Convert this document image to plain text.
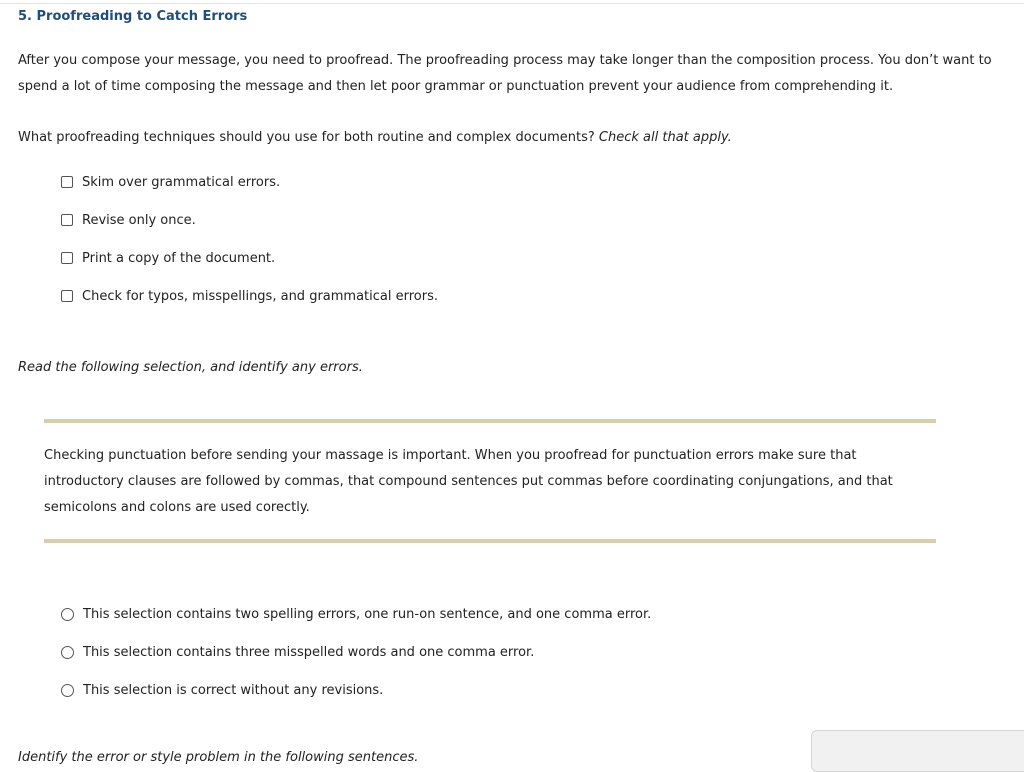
5. Proofreading to Catch Errors
After you compose your message, you need to proofread. The proofreading process may take longer than the composition process. You don’t want to spend a lot of time composing the message and then let poor grammar or punctuation prevent your audience from comprehending it.
What proofreading techniques should you use for both routine and complex documents? Check all that apply.
Skim over grammatical errors.
Revise only once.
Print a copy of the document.
Check for typos, misspellings, and grammatical errors.
Read the following selection, and identify any errors.
Checking punctuation before sending your massage is important. When you proofread for punctuation errors make sure that introductory clauses are followed by commas, that compound sentences put commas before coordinating conjungations, and that semicolons and colons are used corectly.
This selection contains two spelling errors, one run-on sentence, and one comma error.
This selection contains three misspelled words and one comma error.
This selection is correct without any revisions.
Identify the error or style problem in the following sentences.
